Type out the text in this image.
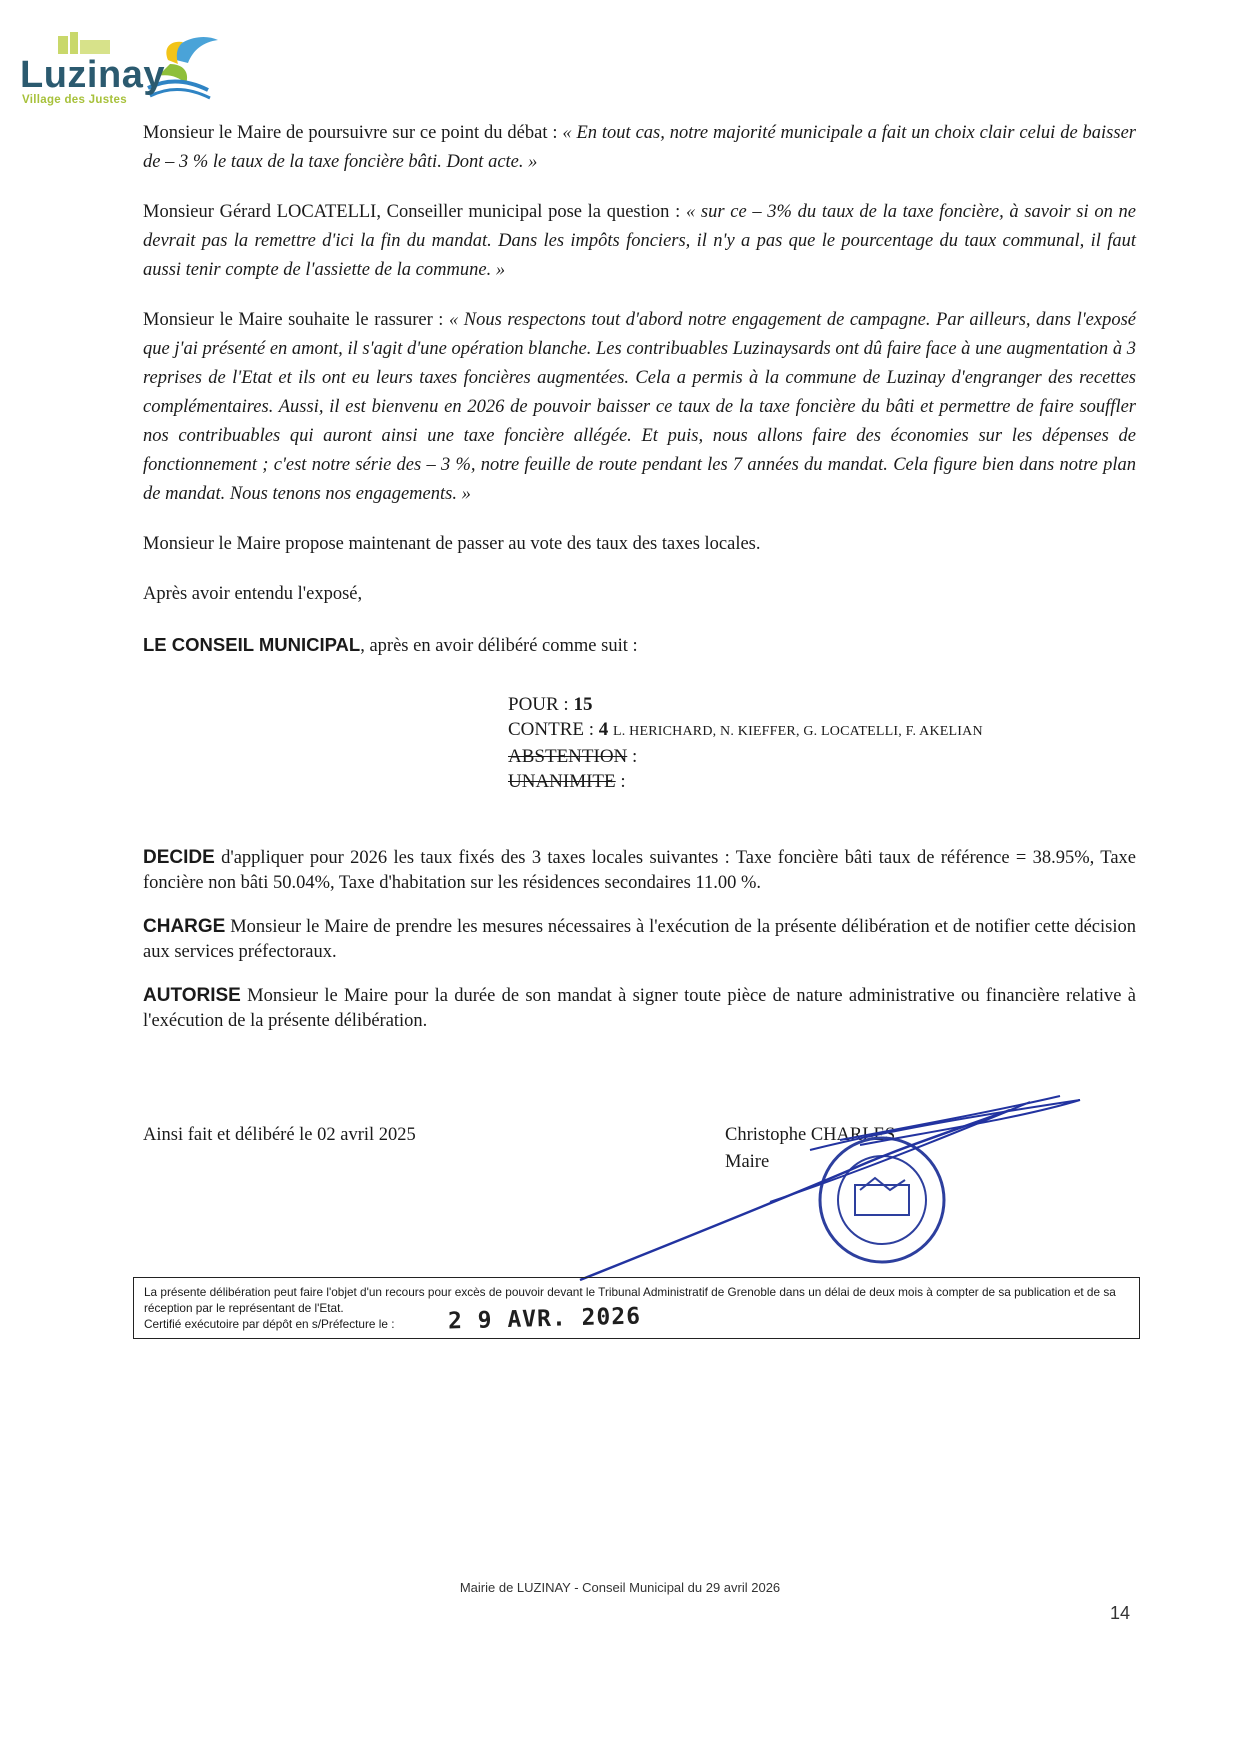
Luzinay
Village des Justes

Monsieur le Maire de poursuivre sur ce point du débat : « En tout cas, notre majorité municipale a fait un choix clair celui de baisser de – 3 % le taux de la taxe foncière bâti. Dont acte. »

Monsieur Gérard LOCATELLI, Conseiller municipal pose la question : « sur ce – 3% du taux de la taxe foncière, à savoir si on ne devrait pas la remettre d'ici la fin du mandat. Dans les impôts fonciers, il n'y a pas que le pourcentage du taux communal, il faut aussi tenir compte de l'assiette de la commune. »

Monsieur le Maire souhaite le rassurer : « Nous respectons tout d'abord notre engagement de campagne. Par ailleurs, dans l'exposé que j'ai présenté en amont, il s'agit d'une opération blanche. Les contribuables Luzinaysards ont dû faire face à une augmentation à 3 reprises de l'Etat et ils ont eu leurs taxes foncières augmentées. Cela a permis à la commune de Luzinay d'engranger des recettes complémentaires. Aussi, il est bienvenu en 2026 de pouvoir baisser ce taux de la taxe foncière du bâti et permettre de faire souffler nos contribuables qui auront ainsi une taxe foncière allégée. Et puis, nous allons faire des économies sur les dépenses de fonctionnement ; c'est notre série des – 3 %, notre feuille de route pendant les 7 années du mandat. Cela figure bien dans notre plan de mandat. Nous tenons nos engagements. »

Monsieur le Maire propose maintenant de passer au vote des taux des taxes locales.

Après avoir entendu l'exposé,

LE CONSEIL MUNICIPAL, après en avoir délibéré comme suit :

POUR : 15
CONTRE : 4 L. HERICHARD, N. KIEFFER, G. LOCATELLI, F. AKELIAN
ABSTENTION :
UNANIMITE :

DECIDE d'appliquer pour 2026 les taux fixés des 3 taxes locales suivantes : Taxe foncière bâti taux de référence = 38.95%, Taxe foncière non bâti 50.04%, Taxe d'habitation sur les résidences secondaires 11.00 %.

CHARGE Monsieur le Maire de prendre les mesures nécessaires à l'exécution de la présente délibération et de notifier cette décision aux services préfectoraux.

AUTORISE Monsieur le Maire pour la durée de son mandat à signer toute pièce de nature administrative ou financière relative à l'exécution de la présente délibération.

Ainsi fait et délibéré le 02 avril 2025	Christophe CHARLES
Maire
La présente délibération peut faire l'objet d'un recours pour excès de pouvoir devant le Tribunal Administratif de Grenoble dans un délai de deux mois à compter de sa publication et de sa réception par le représentant de l'Etat.
Certifié exécutoire par dépôt en s/Préfecture le :	2 9 AVR. 2026
Mairie de LUZINAY - Conseil Municipal du 29 avril 2026
14
